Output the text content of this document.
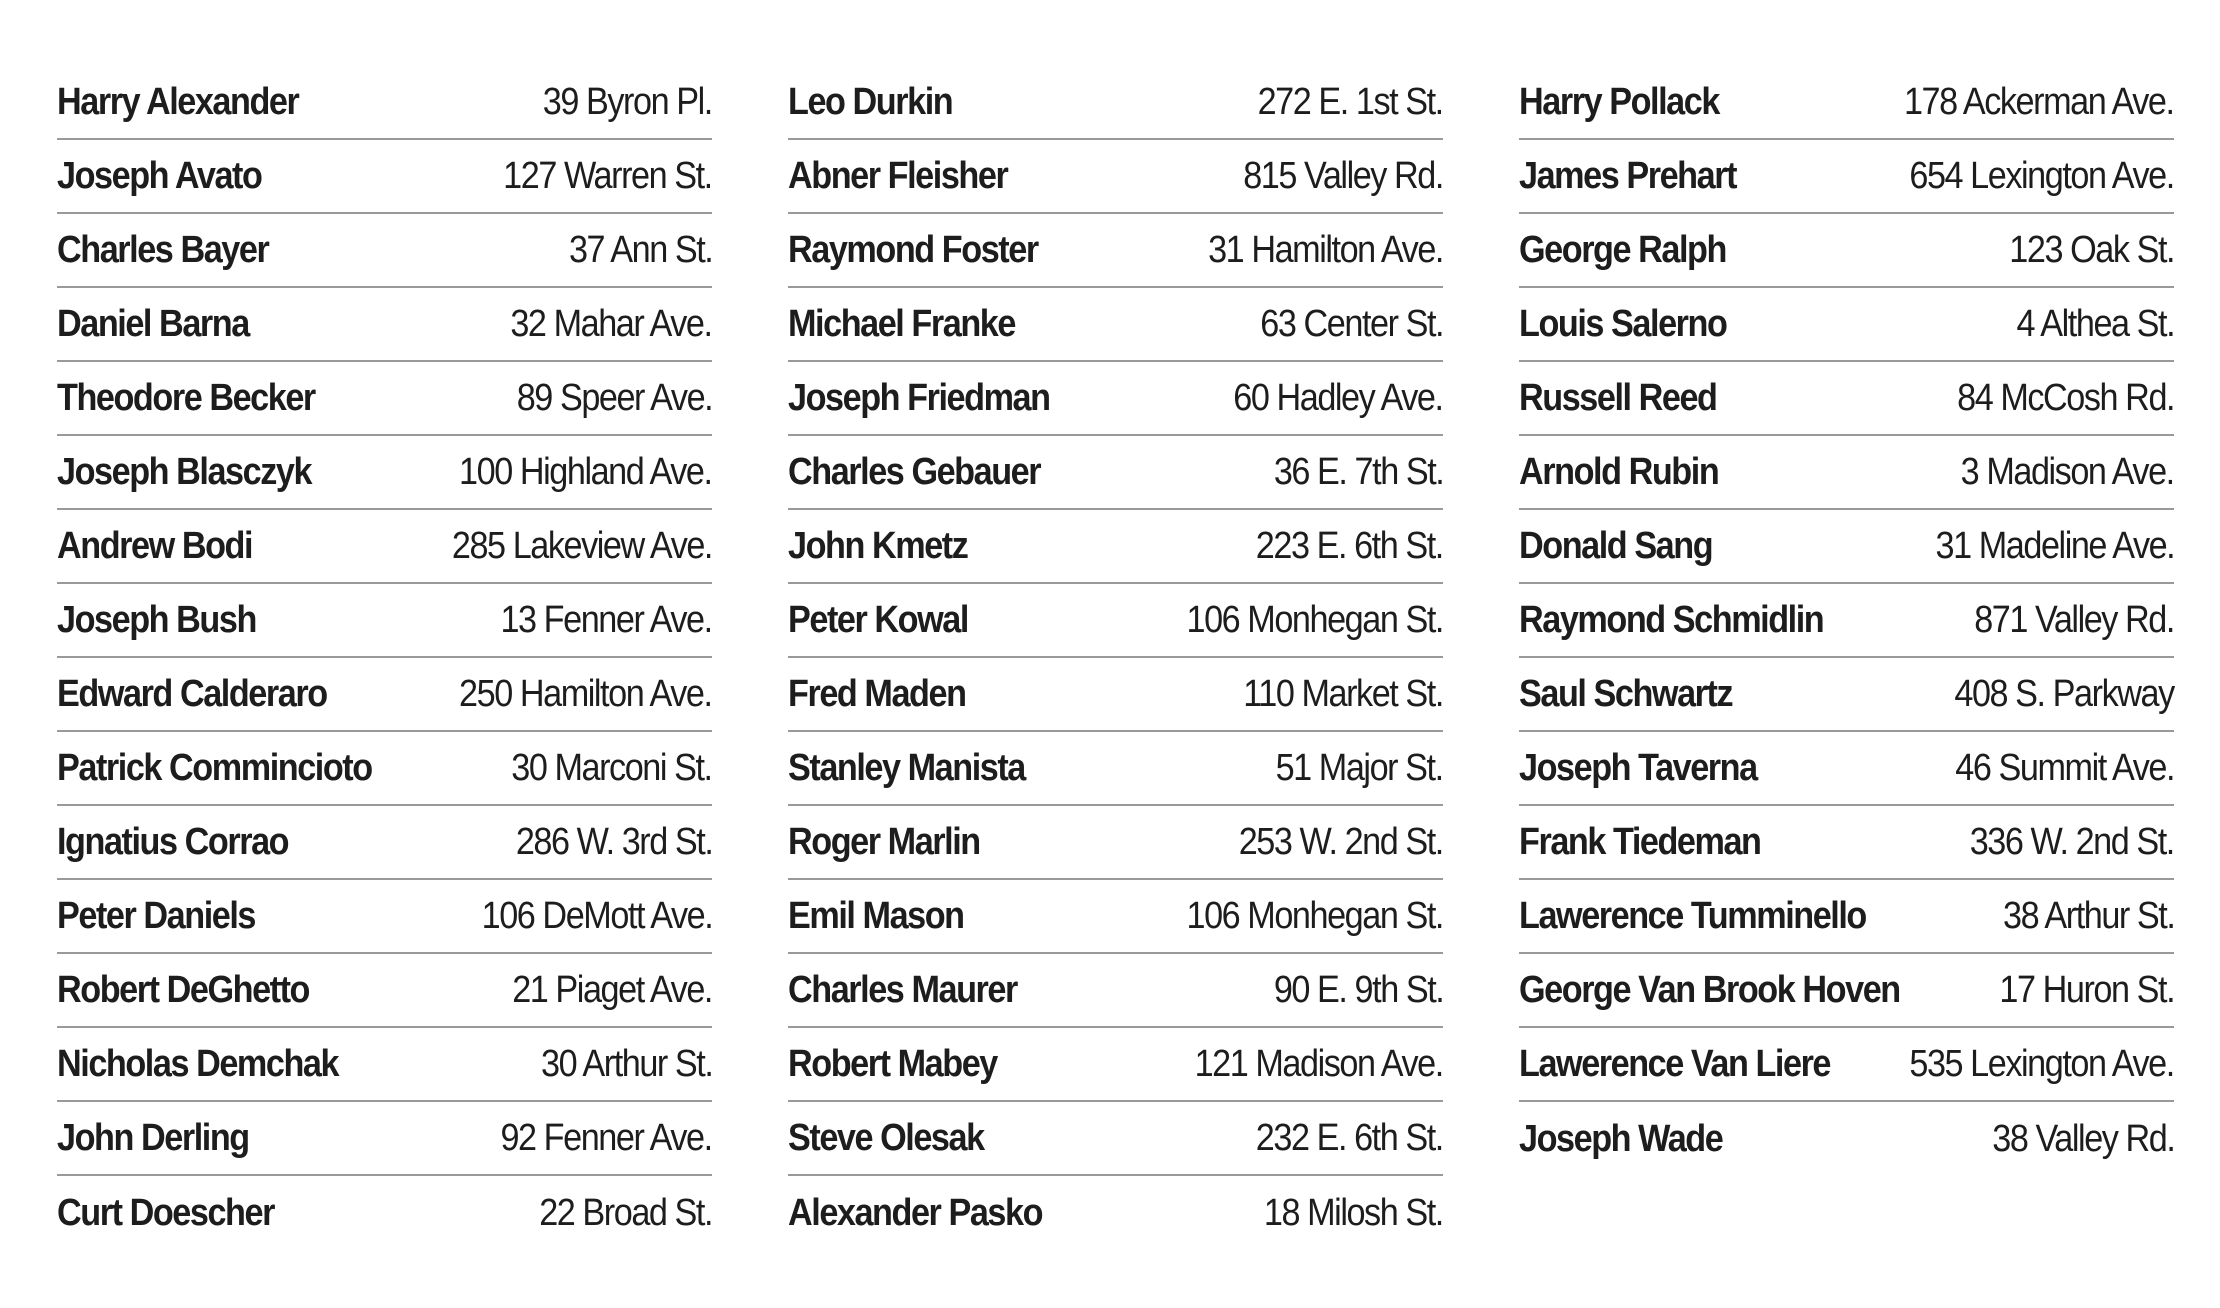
Harry Alexander	39 Byron Pl.
Joseph Avato	127 Warren St.
Charles Bayer	37 Ann St.
Daniel Barna	32 Mahar Ave.
Theodore Becker	89 Speer Ave.
Joseph Blasczyk	100 Highland Ave.
Andrew Bodi	285 Lakeview Ave.
Joseph Bush	13 Fenner Ave.
Edward Calderaro	250 Hamilton Ave.
Patrick Commincioto	30 Marconi St.
Ignatius Corrao	286 W. 3rd St.
Peter Daniels	106 DeMott Ave.
Robert DeGhetto	21 Piaget Ave.
Nicholas Demchak	30 Arthur St.
John Derling	92 Fenner Ave.
Curt Doescher	22 Broad St.
Leo Durkin	272 E. 1st St.
Abner Fleisher	815 Valley Rd.
Raymond Foster	31 Hamilton Ave.
Michael Franke	63 Center St.
Joseph Friedman	60 Hadley Ave.
Charles Gebauer	36 E. 7th St.
John Kmetz	223 E. 6th St.
Peter Kowal	106 Monhegan St.
Fred Maden	110 Market St.
Stanley Manista	51 Major St.
Roger Marlin	253 W. 2nd St.
Emil Mason	106 Monhegan St.
Charles Maurer	90 E. 9th St.
Robert Mabey	121 Madison Ave.
Steve Olesak	232 E. 6th St.
Alexander Pasko	18 Milosh St.
Harry Pollack	178 Ackerman Ave.
James Prehart	654 Lexington Ave.
George Ralph	123 Oak St.
Louis Salerno	4 Althea St.
Russell Reed	84 McCosh Rd.
Arnold Rubin	3 Madison Ave.
Donald Sang	31 Madeline Ave.
Raymond Schmidlin	871 Valley Rd.
Saul Schwartz	408 S. Parkway
Joseph Taverna	46 Summit Ave.
Frank Tiedeman	336 W. 2nd St.
Lawerence Tumminello	38 Arthur St.
George Van Brook Hoven	17 Huron St.
Lawerence Van Liere 535 Lexington Ave.
Joseph Wade	38 Valley Rd.
